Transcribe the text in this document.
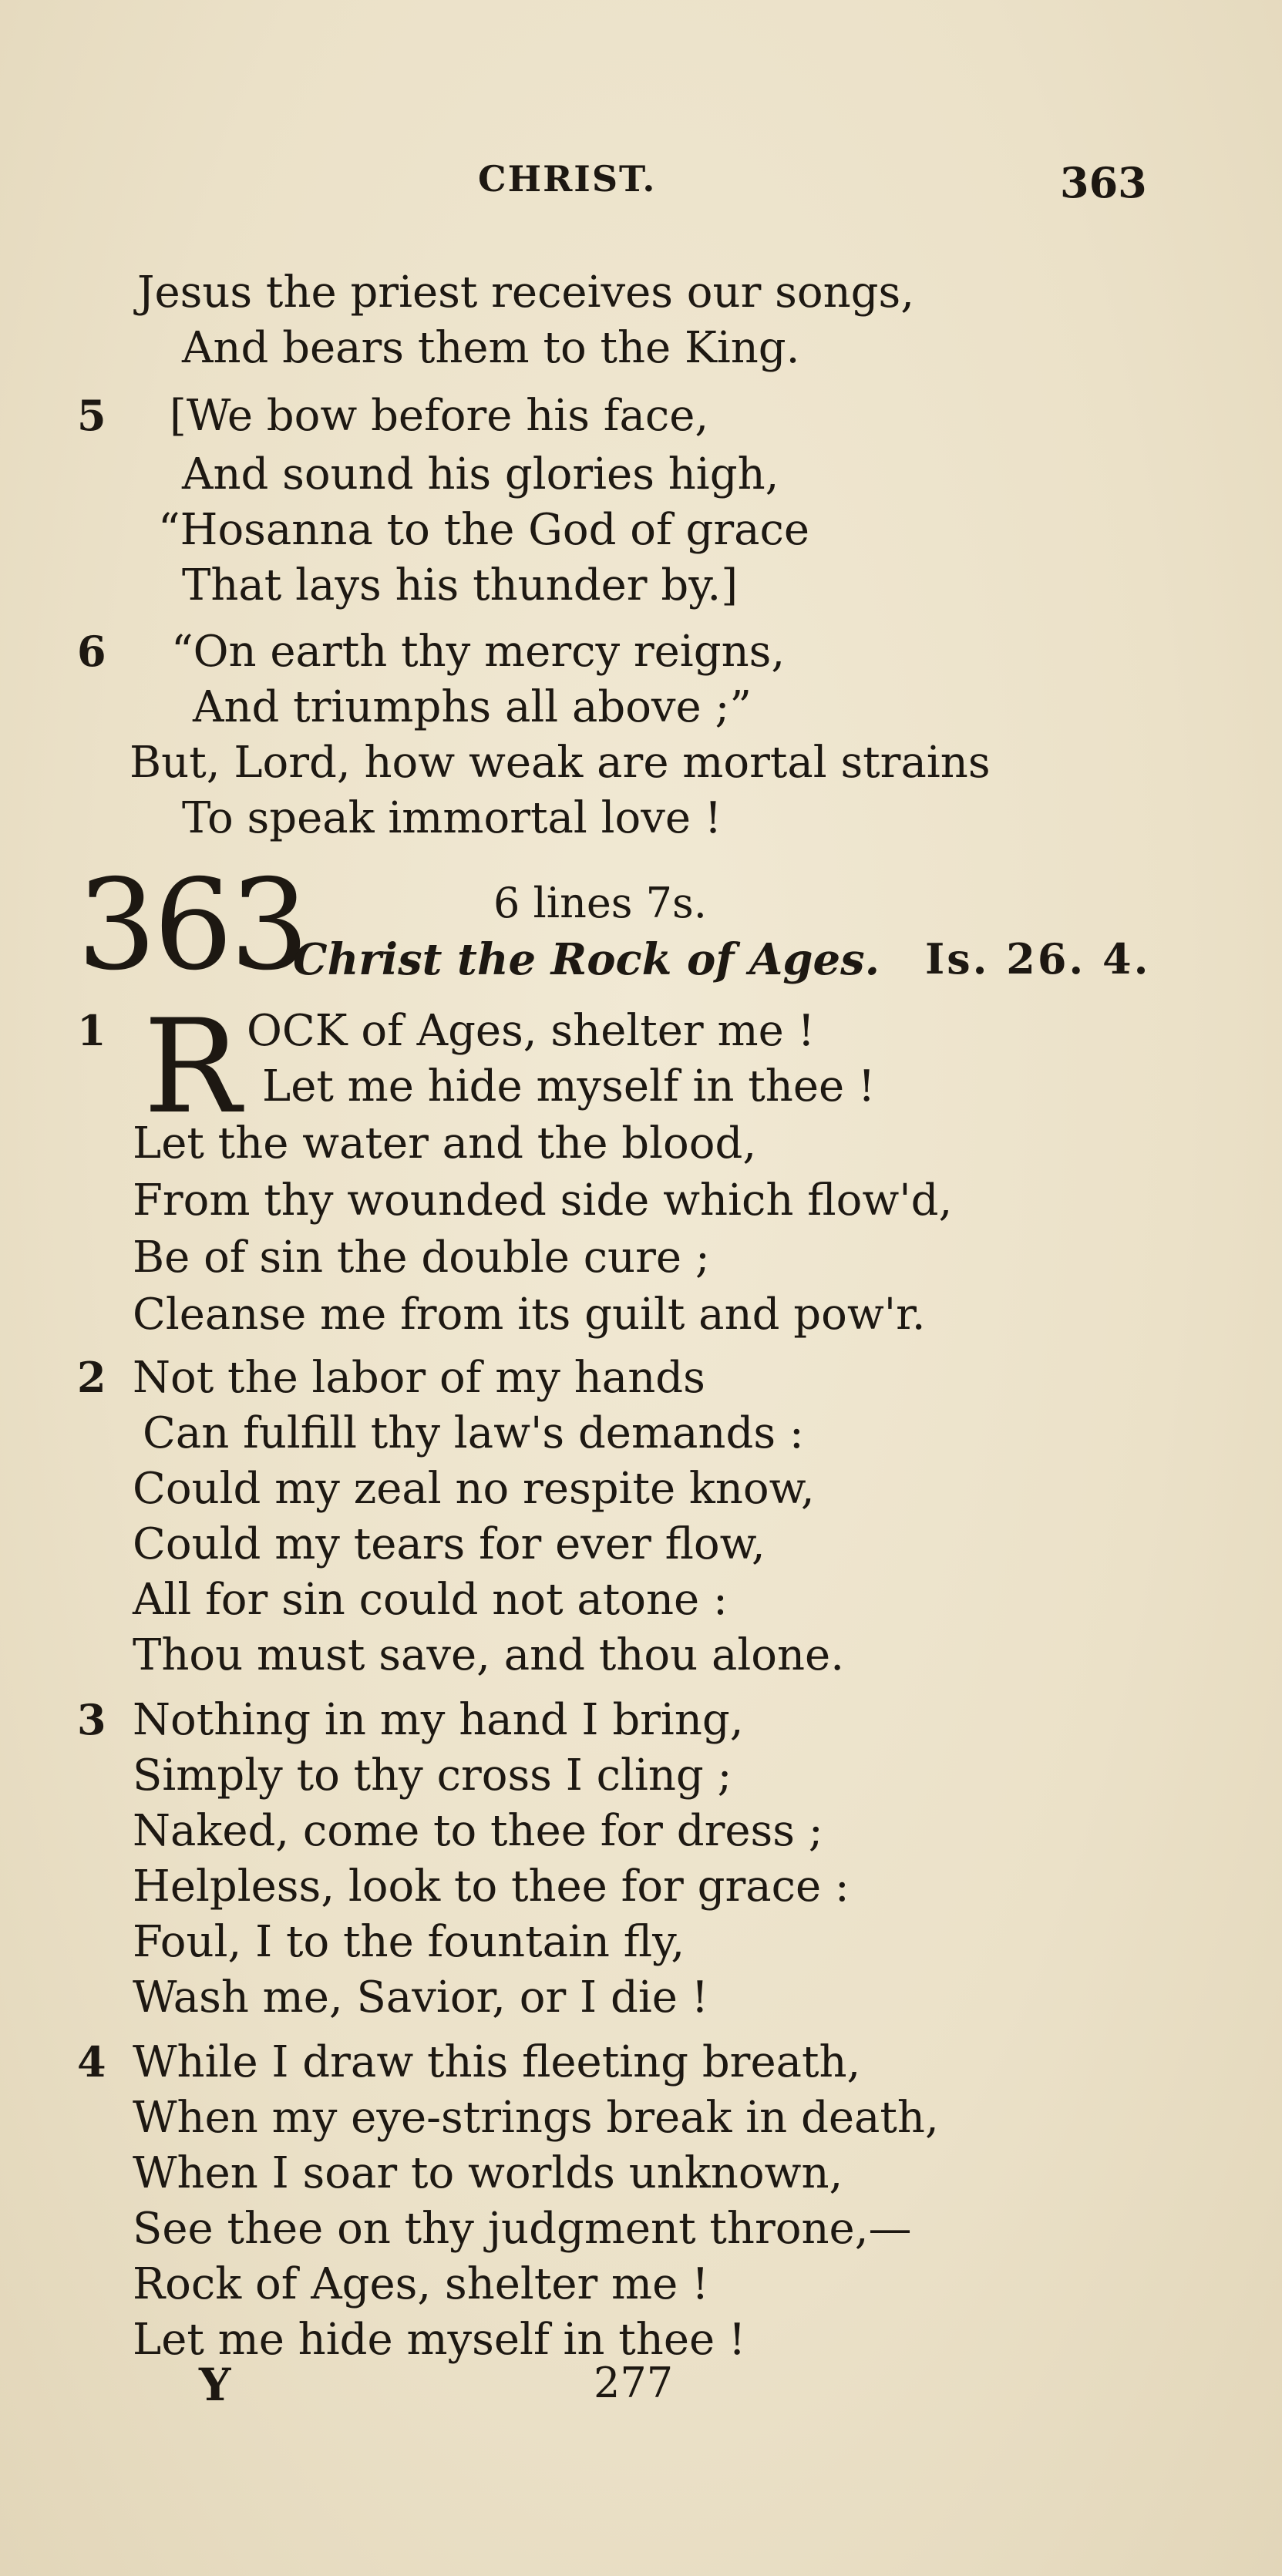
CHRIST.	363
Jesus the priest receives our songs,
And bears them to the King.
5 [We bow before his face,
And sound his glories high,
“Hosanna to the God of grace
That lays his thunder by.]
6 “On earth thy mercy reigns,
And triumphs all above ;”
But, Lord, how weak are mortal strains
To speak immortal love !
363	6 lines 7s.
Christ the Rock of Ages. Is. 26. 4.
1 R OCK of Ages, shelter me !
Let me hide myself in thee !
Let the water and the blood,
From thy wounded side which flow'd,
Be of sin the double cure ;
Cleanse me from its guilt and pow'r.
2 Not the labor of my hands
Can fulfill thy law's demands :
Could my zeal no respite know,
Could my tears for ever flow,
All for sin could not atone :
Thou must save, and thou alone.
3 Nothing in my hand I bring,
Simply to thy cross I cling ;
Naked, come to thee for dress ;
Helpless, look to thee for grace :
Foul, I to the fountain fly,
Wash me, Savior, or I die !
4 While I draw this fleeting breath,
When my eye-strings break in death,
When I soar to worlds unknown,
See thee on thy judgment throne,—
Rock of Ages, shelter me !
Let me hide myself in thee !
Y	277
